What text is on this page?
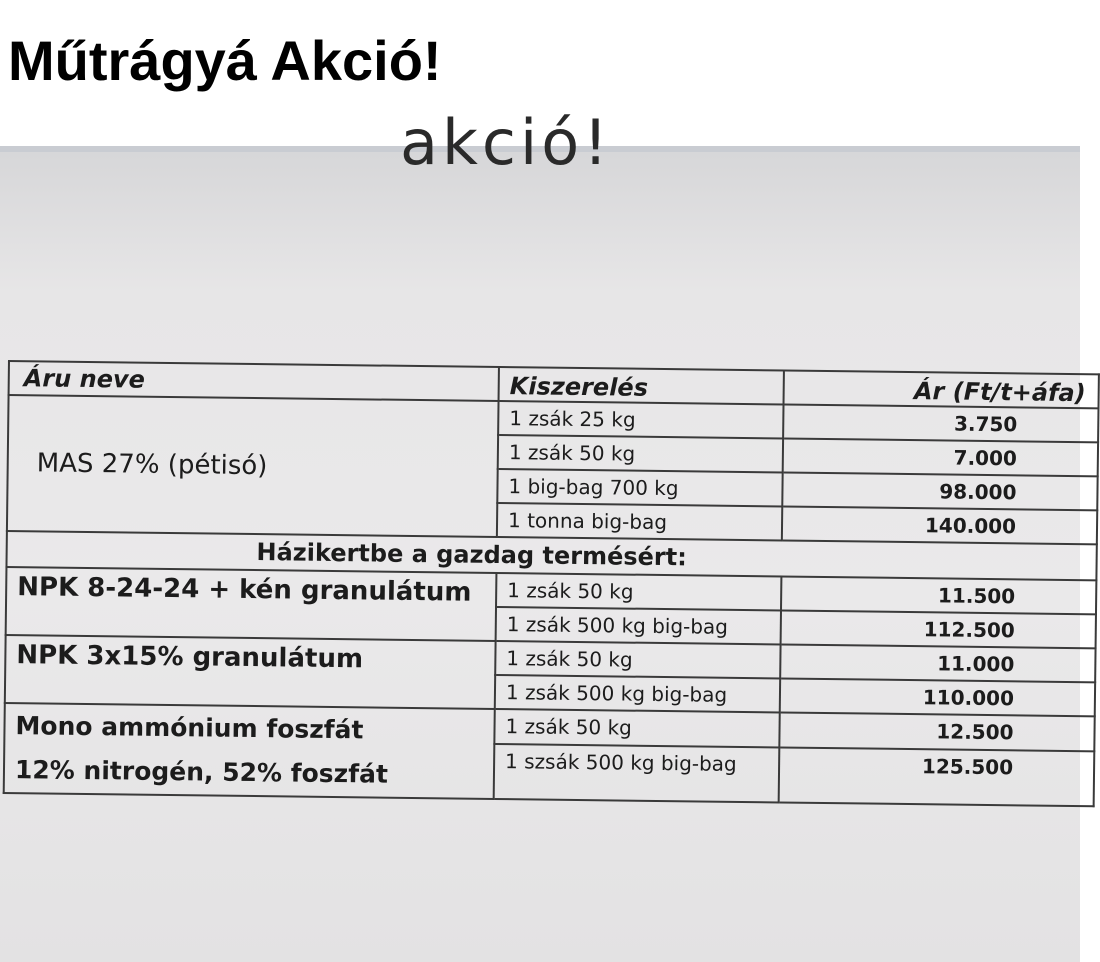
Műtrágyá Akció!
akció!
Áru neve	Kiszerelés	Ár (Ft/t+áfa)
MAS 27% (pétisó)	1 zsák 25 kg	3.750
	1 zsák 50 kg	7.000
	1 big-bag 700 kg	98.000
	1 tonna big-bag	140.000
Házikertbe a gazdag termésért:		
NPK 8-24-24 + kén granulátum	1 zsák 50 kg	11.500
	1 zsák 500 kg big-bag	112.500
NPK 3x15% granulátum	1 zsák 50 kg	11.000
	1 zsák 500 kg big-bag	110.000

Mono ammónium foszfát
12% nitrogén, 52% foszfát	1 zsák 50 kg	12.500
	1 szsák 500 kg big-bag	125.500
